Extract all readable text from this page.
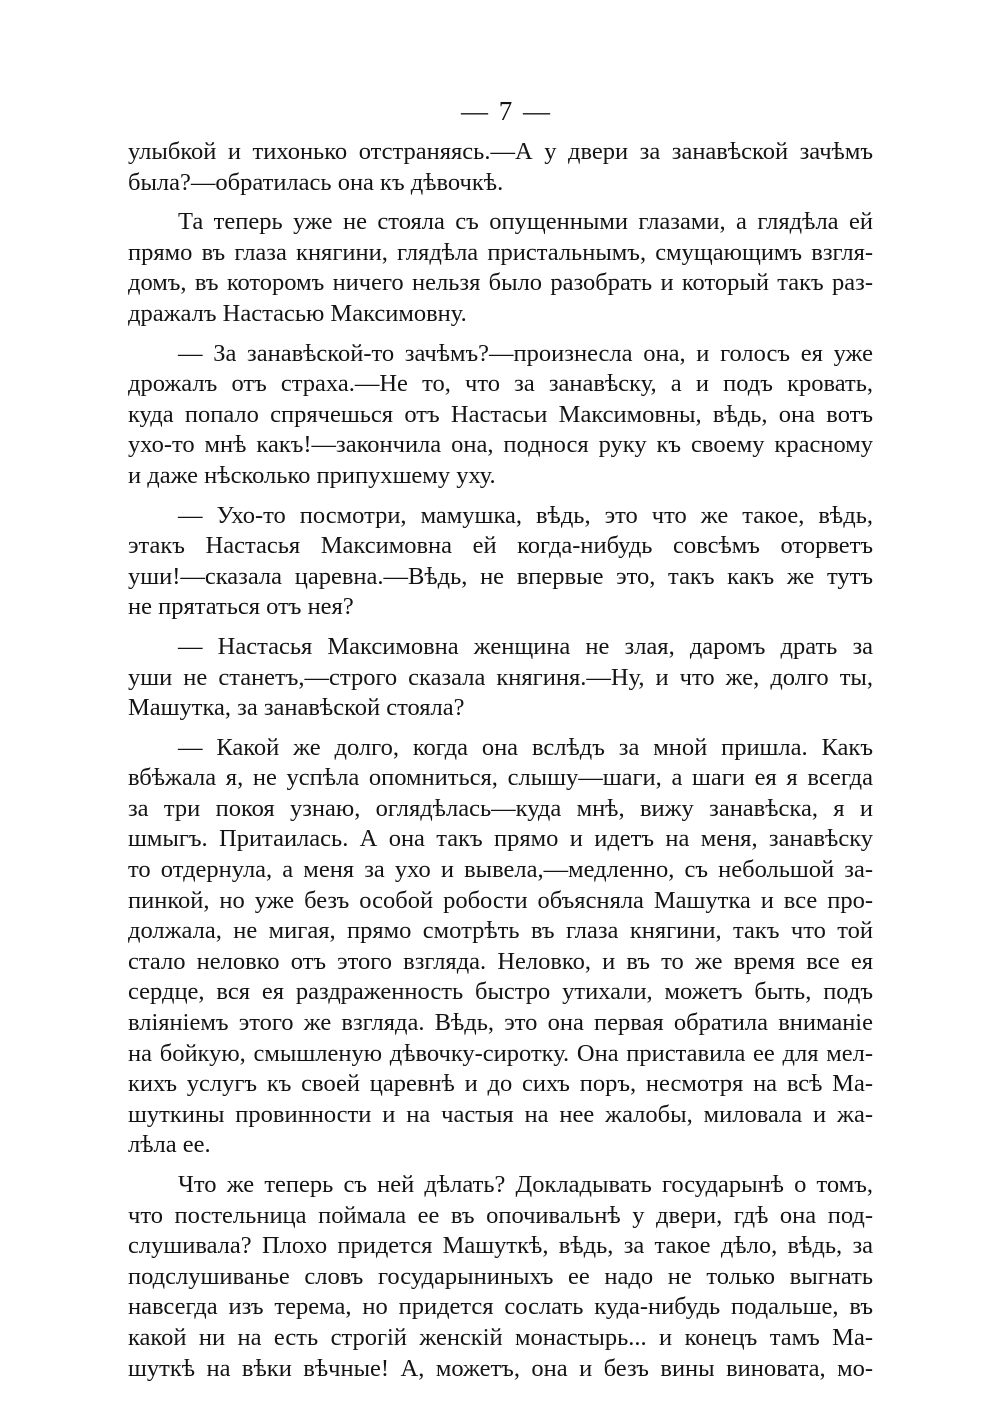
— 7 —
улыбкой и тихонько отстраняясь.—А у двери за занавѣской зачѣмъ
была?—обратилась она къ дѣвочкѣ.
Та теперь уже не стояла съ опущенными глазами, а глядѣла ей
прямо въ глаза княгини, глядѣла пристальнымъ, смущающимъ взгля-
домъ, въ которомъ ничего нельзя было разобрать и который такъ раз-
дражалъ Настасью Максимовну.
— За занавѣской-то зачѣмъ?—произнесла она, и голосъ ея уже
дрожалъ отъ страха.—Не то, что за занавѣску, а и подъ кровать,
куда попало спрячешься отъ Настасьи Максимовны, вѣдь, она вотъ
ухо-то мнѣ какъ!—закончила она, поднося руку къ своему красному
и даже нѣсколько припухшему уху.
— Ухо-то посмотри, мамушка, вѣдь, это что же такое, вѣдь,
этакъ Настасья Максимовна ей когда-нибудь совсѣмъ оторветъ
уши!—сказала царевна.—Вѣдь, не впервые это, такъ какъ же тутъ
не прятаться отъ нея?
— Настасья Максимовна женщина не злая, даромъ драть за
уши не станетъ,—строго сказала княгиня.—Ну, и что же, долго ты,
Машутка, за занавѣской стояла?
— Какой же долго, когда она вслѣдъ за мной пришла. Какъ
вбѣжала я, не успѣла опомниться, слышу—шаги, а шаги ея я всегда
за три покоя узнаю, оглядѣлась—куда мнѣ, вижу занавѣска, я и
шмыгъ. Притаилась. А она такъ прямо и идетъ на меня, занавѣску
то отдернула, а меня за ухо и вывела,—медленно, съ небольшой за-
пинкой, но уже безъ особой робости объясняла Машутка и все про-
должала, не мигая, прямо смотрѣть въ глаза княгини, такъ что той
стало неловко отъ этого взгляда. Неловко, и въ то же время все ея
сердце, вся ея раздраженность быстро утихали, можетъ быть, подъ
вліяніемъ этого же взгляда. Вѣдь, это она первая обратила вниманіе
на бойкую, смышленую дѣвочку-сиротку. Она приставила ее для мел-
кихъ услугъ къ своей царевнѣ и до сихъ поръ, несмотря на всѣ Ма-
шуткины провинности и на частыя на нее жалобы, миловала и жа-
лѣла ее.
Что же теперь съ ней дѣлать? Докладывать государынѣ о томъ,
что постельница поймала ее въ опочивальнѣ у двери, гдѣ она под-
слушивала? Плохо придется Машуткѣ, вѣдь, за такое дѣло, вѣдь, за
подслушиванье словъ государыниныхъ ее надо не только выгнать
навсегда изъ терема, но придется сослать куда-нибудь подальше, въ
какой ни на есть строгій женскій монастырь... и конецъ тамъ Ма-
шуткѣ на вѣки вѣчные! А, можетъ, она и безъ вины виновата, мо-
